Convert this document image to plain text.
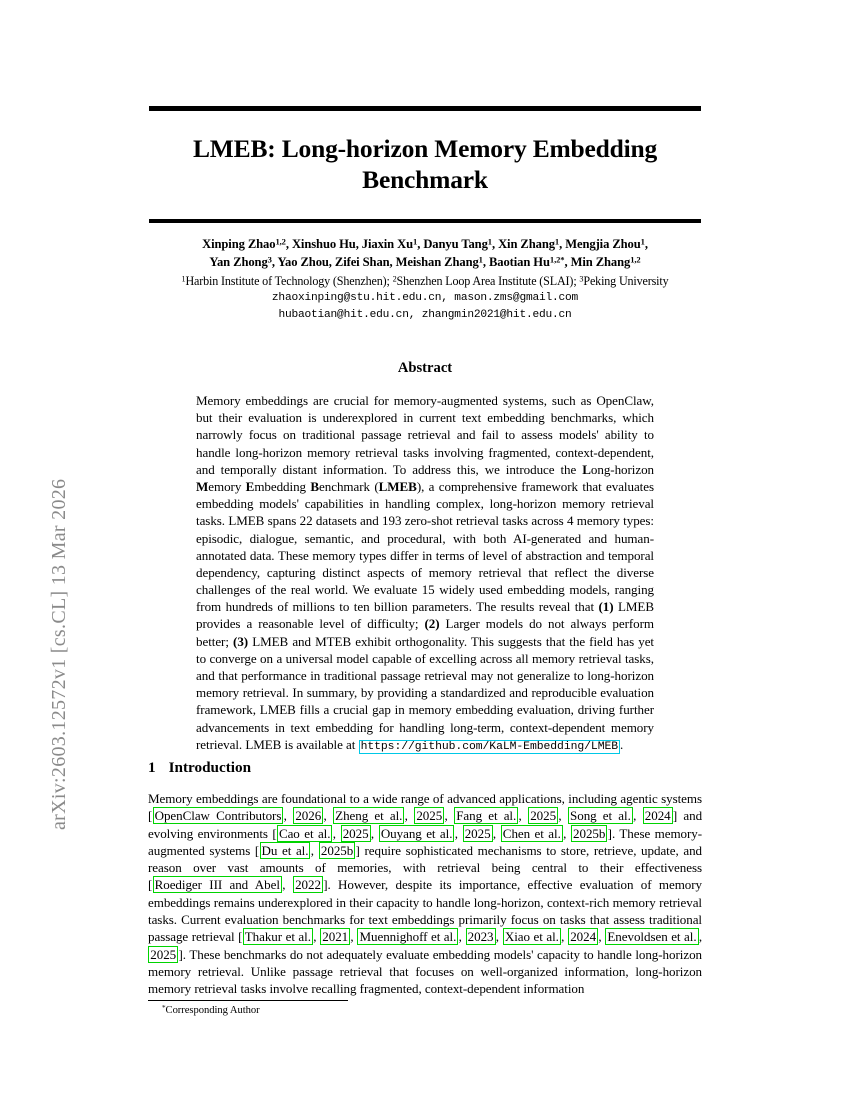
arXiv:2603.12572v1 [cs.CL] 13 Mar 2026
LMEB: Long-horizon Memory Embedding Benchmark
Xinping Zhao$^{1,2}$, Xinshuo Hu, Jiaxin Xu$^1$, Danyu Tang$^1$, Xin Zhang$^1$, Mengjia Zhou$^1$,
Yan Zhong$^3$, Yao Zhou, Zifei Shan, Meishan Zhang$^1$, Baotian $Hu^{1,2*}$, Min Zhang$^{1,2}$
$^1$Harbin Institute of Technology (Shenzhen); $^2$Shenzhen Loop Area Institute (SLAI); $^3$Peking University
zhaoxinping@stu.hit.edu.cn, mason.zms@gmail.com
hubaotian@hit.edu.cn, zhangmin2021@hit.edu.cn
Abstract
Memory embeddings are crucial for memory-augmented systems, such as OpenClaw, but their evaluation is underexplored in current text embedding benchmarks, which narrowly focus on traditional passage retrieval and fail to assess models' ability to handle long-horizon memory retrieval tasks involving fragmented, context-dependent, and temporally distant information. To address this, we introduce the Long-horizon Memory Embedding Benchmark (LMEB), a comprehensive framework that evaluates embedding models' capabilities in handling complex, long-horizon memory retrieval tasks. LMEB spans 22 datasets and 193 zero-shot retrieval tasks across 4 memory types: episodic, dialogue, semantic, and procedural, with both AI-generated and human-annotated data. These memory types differ in terms of level of abstraction and temporal dependency, capturing distinct aspects of memory retrieval that reflect the diverse challenges of the real world. We evaluate 15 widely used embedding models, ranging from hundreds of millions to ten billion parameters. The results reveal that (1) LMEB provides a reasonable level of difficulty; (2) Larger models do not always perform better; (3) LMEB and MTEB exhibit orthogonality. This suggests that the field has yet to converge on a universal model capable of excelling across all memory retrieval tasks, and that performance in traditional passage retrieval may not generalize to long-horizon memory retrieval. In summary, by providing a standardized and reproducible evaluation framework, LMEB fills a crucial gap in memory embedding evaluation, driving further advancements in text embedding for handling long-term, context-dependent memory retrieval. LMEB is available at https://github.com/KaLM-Embedding/LMEB .
1 Introduction
Memory embeddings are foundational to a wide range of advanced applications, including agentic systems [ OpenClaw Contributors , 2026 , Zheng et al. , 2025 , Fang et al. , 2025 , Song et al. , 2024 ] and evolving environments [ Cao et al. , 2025 , Ouyang et al. , 2025 , Chen et al. , 2025b ]. These memory-augmented systems [ Du et al. , 2025b ] require sophisticated mechanisms to store, retrieve, update, and reason over vast amounts of memories, with retrieval being central to their effectiveness [ Roediger III and Abel , 2022 ]. However, despite its importance, effective evaluation of memory embeddings remains underexplored in their capacity to handle long-horizon, context-rich memory retrieval tasks. Current evaluation benchmarks for text embeddings primarily focus on tasks that assess traditional passage retrieval [ Thakur et al. , 2021 , Muennighoff et al. , 2023 , Xiao et al. , 2024 , Enevoldsen et al. , 2025 ]. These benchmarks do not adequately evaluate embedding models' capacity to handle long-horizon memory retrieval. Unlike passage retrieval that focuses on well-organized information, long-horizon memory retrieval tasks involve recalling fragmented, context-dependent information
*Corresponding Author
